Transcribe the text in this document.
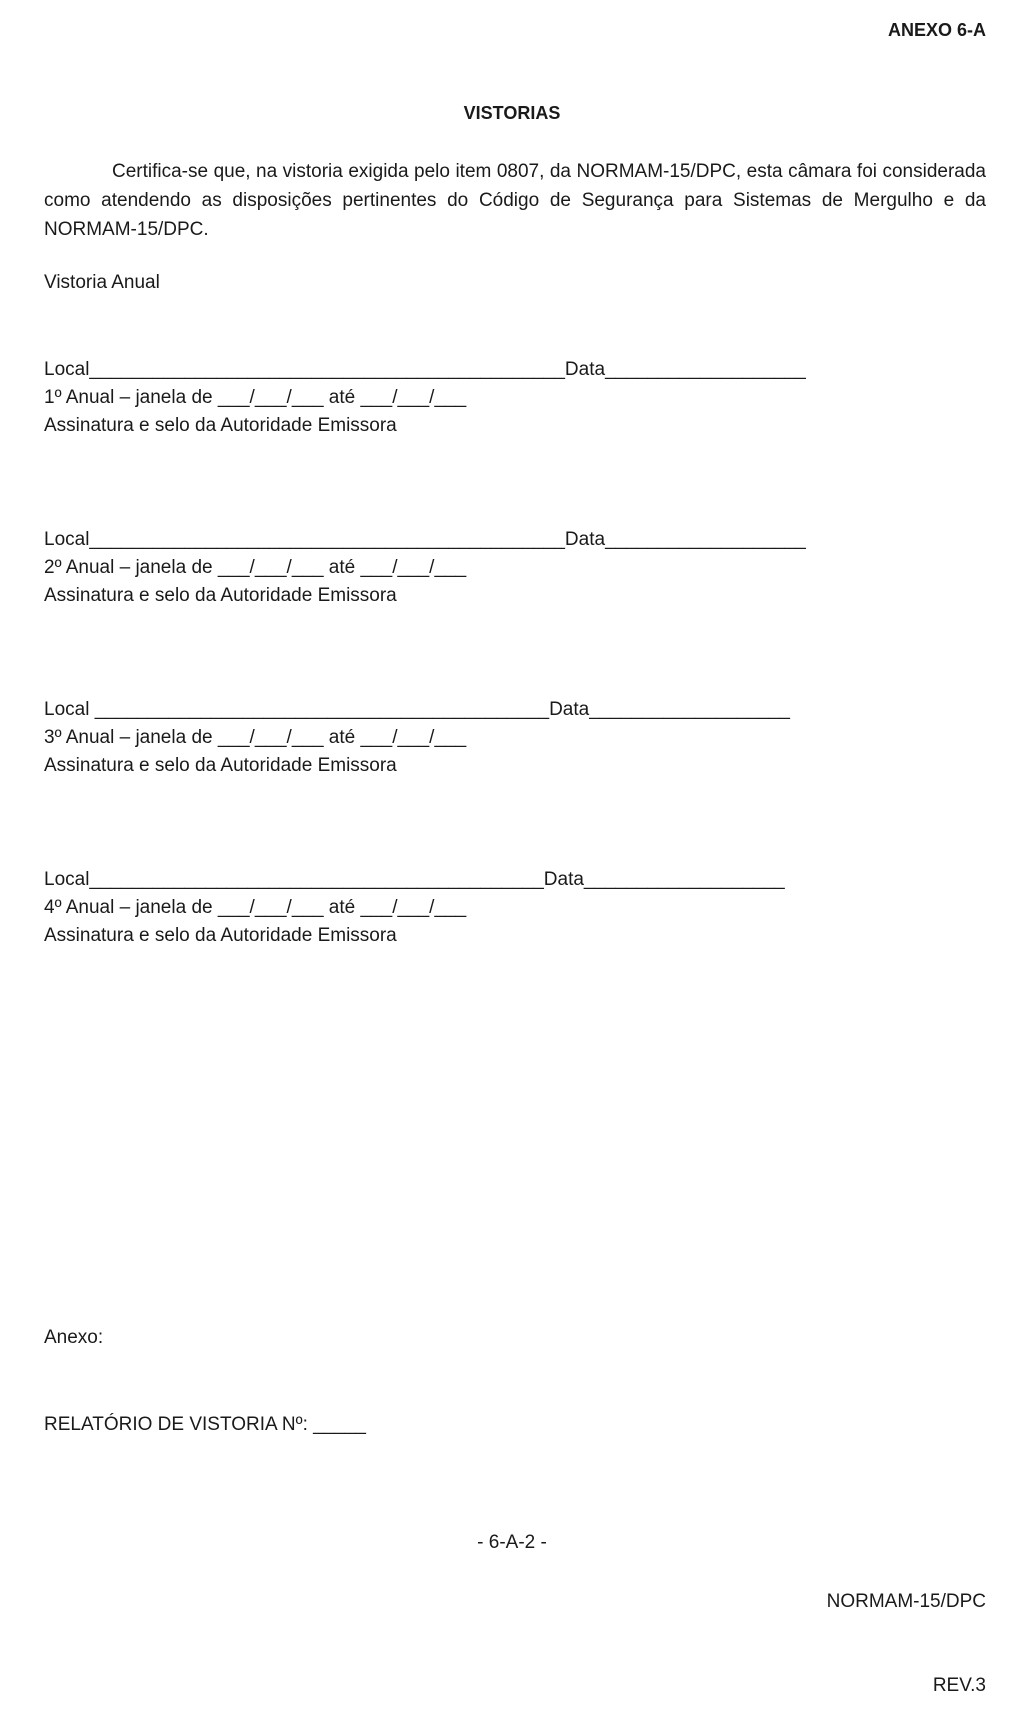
ANEXO 6-A
VISTORIAS
Certifica-se que, na vistoria exigida pelo item 0807, da NORMAM-15/DPC, esta câmara foi considerada como atendendo as disposições pertinentes do Código de Segurança para Sistemas de Mergulho e da NORMAM-15/DPC.
Vistoria Anual
Local_____________________________________________Data___________________
1º Anual – janela de ___/___/___ até ___/___/___
Assinatura e selo da Autoridade Emissora
Local_____________________________________________Data___________________
2º Anual – janela de ___/___/___ até ___/___/___
Assinatura e selo da Autoridade Emissora
Local ___________________________________________Data___________________
3º Anual – janela de ___/___/___ até ___/___/___
Assinatura e selo da Autoridade Emissora
Local___________________________________________Data___________________
4º Anual – janela de ___/___/___ até ___/___/___
Assinatura e selo da Autoridade Emissora

Anexo:

RELATÓRIO DE VISTORIA Nº: _____

- 6-A-2 -

NORMAM-15/DPC

REV.3
